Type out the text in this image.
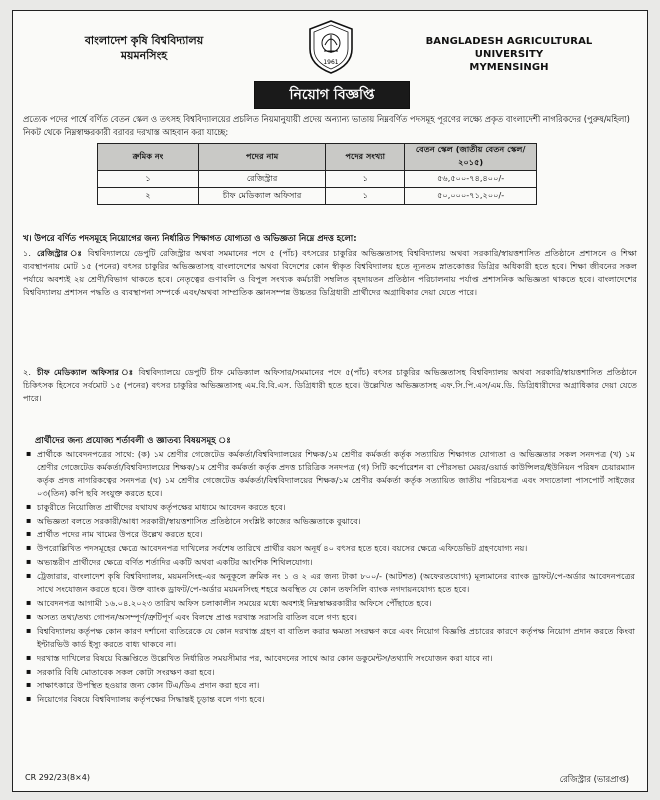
বাংলাদেশ কৃষি বিশ্ববিদ্যালয়
ময়মনসিংহ
1961
BANGLADESH AGRICULTURAL UNIVERSITY
MYMENSINGH
নিয়োগ বিজ্ঞপ্তি
প্রত্যেক পদের পার্শ্বে বর্ণিত বেতন স্কেল ও তৎসহ বিশ্ববিদ্যালয়ের প্রচলিত নিয়মানুযায়ী প্রদেয় অন্যান্য ভাতায় নিম্নবর্ণিত পদসমূহ পূরণের লক্ষ্যে প্রকৃত বাংলাদেশী নাগরিকদের (পুরুষ/মহিলা) নিকট থেকে নিম্নস্বাক্ষরকারী বরাবর দরখাস্ত আহবান করা যাচ্ছে:
ক্রমিক নং	পদের নাম	পদের সংখ্যা	বেতন স্কেল (জাতীয় বেতন স্কেল/২০১৫)
১	রেজিস্ট্রার	১	৫৬,৫০০-৭৪,৪০০/-
২	চীফ মেডিক্যাল অফিসার	১	৫০,০০০-৭১,২০০/-
খ। উপরে বর্ণিত পদসমূহে নিয়োগের জন্য নির্ধারিত শিক্ষাগত যোগ্যতা ও অভিজ্ঞতা নিম্নে প্রদত্ত হলো:
১. রেজিস্ট্রার ঃ বিশ্ববিদ্যালয়ে ডেপুটি রেজিস্ট্রার অথবা সমমানের পদে ৫ (পাঁচ) বৎসরের চাকুরির অভিজ্ঞতাসহ বিশ্ববিদ্যালয় অথবা সরকারি/স্বায়ত্তশাসিত প্রতিষ্ঠানে প্রশাসনে ও শিক্ষা ব্যবস্থাপনায় মোট ১৫ (পনের) বৎসর চাকুরির অভিজ্ঞতাসহ বাংলাদেশের অথবা বিদেশের কোন স্বীকৃত বিশ্ববিদ্যালয় হতে ন্যূনতম স্নাতকোত্তর ডিগ্রির অধিকারী হতে হবে। শিক্ষা জীবনের সকল পর্যায়ে অবশ্যই ২য় শ্রেণী/বিভাগ থাকতে হবে। নেতৃত্বের গুণাবলি ও বিপুল সংখ্যক কর্মচারী সম্বলিত বৃহদায়তন প্রতিষ্ঠান পরিচালনায় পর্যাপ্ত প্রশাসনিক অভিজ্ঞতা থাকতে হবে। বাংলাদেশের বিশ্ববিদ্যালয় প্রশাসন পদ্ধতি ও ব্যবস্থাপনা সম্পর্কে এবং/অথবা সাম্প্রতিক জ্ঞানসম্পন্ন উচ্চতর ডিগ্রিধারী প্রার্থীদের অগ্রাধিকার দেয়া যেতে পারে।
২. চীফ মেডিক্যাল অফিসার ঃ বিশ্ববিদ্যালয়ে ডেপুটি চীফ মেডিক্যাল অফিসার/সমমানের পদে ৫(পাঁচ) বৎসর চাকুরির অভিজ্ঞতাসহ বিশ্ববিদ্যালয় অথবা সরকারি/স্বায়ত্তশাসিত প্রতিষ্ঠানে চিকিৎসক হিসেবে সর্বমোট ১৫ (পনের) বৎসর চাকুরির অভিজ্ঞতাসহ এম.বি.বি.এস. ডিগ্রিধারী হতে হবে। উল্লেখিত অভিজ্ঞতাসহ এফ.সি.পি.এস/এম.ডি. ডিগ্রিধারীদের অগ্রাধিকার দেয়া যেতে পারে।
প্রার্থীদের জন্য প্রযোজ্য শর্তাবলী ও জ্ঞাতব্য বিষয়সমূহ ঃ
▪ প্রার্থীকে আবেদনপত্রের সাথে: (ক) ১ম শ্রেণীর গেজেটেড কর্মকর্তা/বিশ্ববিদ্যালয়ের শিক্ষক/১ম শ্রেণীর কর্মকর্তা কর্তৃক সত্যায়িত শিক্ষাগত যোগ্যতা ও অভিজ্ঞতার সকল সনদপত্র (খ) ১ম শ্রেণীর গেজেটেড কর্মকর্তা/বিশ্ববিদ্যালয়ের শিক্ষক/১ম শ্রেণীর কর্মকর্তা কর্তৃক প্রদত্ত চারিত্রিক সনদপত্র (গ) সিটি কর্পোরেশন বা পৌরসভা মেয়র/ওয়ার্ড কাউন্সিলর/ইউনিয়ন পরিষদ চেয়ারম্যান কর্তৃক প্রদত্ত নাগরিকত্বের সনদপত্র (ঘ) ১ম শ্রেণীর গেজেটেড কর্মকর্তা/বিশ্ববিদ্যালয়ের শিক্ষক/১ম শ্রেণীর কর্মকর্তা কর্তৃক সত্যায়িত জাতীয় পরিচয়পত্র এবং সদ্যতোলা পাসপোর্ট সাইজের ০৩(তিন) কপি ছবি সংযুক্ত করতে হবে।
▪ চাকুরীতে নিয়োজিত প্রার্থীদের যথাযথ কর্তৃপক্ষের মাধ্যমে আবেদন করতে হবে।
▪ অভিজ্ঞতা বলতে সরকারী/আধা সরকারী/স্বায়ত্তশাসিত প্রতিষ্ঠানে সংশ্লিষ্ট কাজের অভিজ্ঞতাকে বুঝাবে।
▪ প্রার্থীত পদের নাম খামের উপরে উল্লেখ করতে হবে।
▪ উপরোল্লিখিত পদসমূহের ক্ষেত্রে আবেদনপত্র দাখিলের সর্বশেষ তারিখে প্রার্থীর বয়স অনূর্ধ ৪০ বৎসর হতে হবে। বয়সের ক্ষেত্রে এফিডেভিট গ্রহণযোগ্য নয়।
▪ অভ্যন্তরীণ প্রার্থীদের ক্ষেত্রে বর্ণিত শর্তাদির একটি অথবা একটির আংশিক শিথিলযোগ্য।
▪ ট্রেজারার, বাংলাদেশ কৃষি বিশ্ববিদ্যালয়, ময়মনসিংহ-এর অনুকূলে ক্রমিক নং ১ ও ২ এর জন্য টাকা ৮০০/- (আটশত) (অফেরতযোগ্য) মূল্যমানের ব্যাংক ড্রাফট/পে-অর্ডার আবেদনপত্রের সাথে সংযোজন করতে হবে। উক্ত ব্যাংক ড্রাফট/পে-অর্ডার ময়মনসিংহ শহরে অবস্থিত যে কোন তফসিলি ব্যাংক নগদায়নযোগ্য হতে হবে।
▪ আবেদনপত্র আগামী ১৬.০৪.২০২৩ তারিখ অফিস চলাকালীন সময়ের মধ্যে অবশ্যই নিম্নস্বাক্ষরকারীর অফিসে পৌঁছাতে হবে।
▪ অসত্য তথ্য/তথ্য গোপন/অসম্পূর্ণ/ত্রুটিপূর্ণ এবং বিলম্বে প্রাপ্ত দরখাস্ত সরাসরি বাতিল বলে গণ্য হবে।
▪ বিশ্ববিদ্যালয় কর্তৃপক্ষ কোন কারণ দর্শানো ব্যতিরেকে যে কোন দরখাস্ত গ্রহণ বা বাতিল করার ক্ষমতা সংরক্ষণ করে এবং নিয়োগ বিজ্ঞপ্তি প্রচারের কারণে কর্তৃপক্ষ নিয়োগ প্রদান করতে কিংবা ইন্টারভিউ কার্ড ইস্যু করতে বাধ্য থাকবে না।
▪ দরখাস্ত দাখিলের বিষয়ে বিজ্ঞপ্তিতে উল্লেখিত নির্ধারিত সময়সীমার পর, আবেদনের সাথে আর কোন ডকুমেন্টস/তথ্যাদি সংযোজন করা যাবে না।
▪ সরকারি বিধি মোতাবেক সকল কোটা সংরক্ষণ করা হবে।
▪ সাক্ষাৎকারে উপস্থিত হওয়ার জন্য কোন টিএ/ডিএ প্রদান করা হবে না।
▪ নিয়োগের বিষয়ে বিশ্ববিদ্যালয় কর্তৃপক্ষের সিদ্ধান্তই চূড়ান্ত বলে গণ্য হবে।
CR 292/23(8×4)	রেজিস্ট্রার (ভারপ্রাপ্ত)
